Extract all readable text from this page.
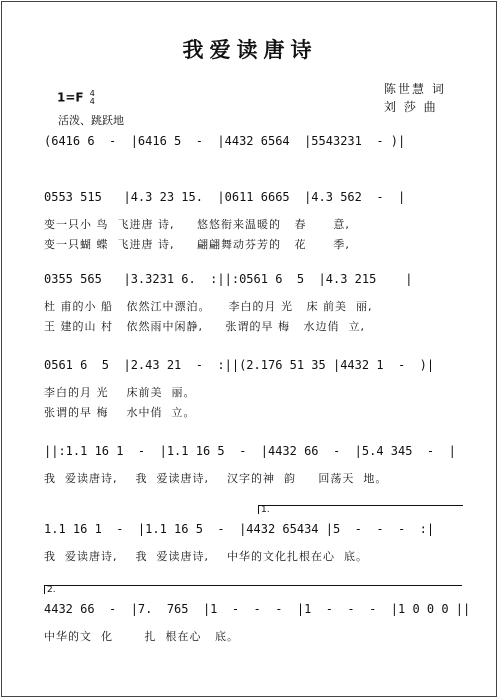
我爱读唐诗
陈世慧 词
刘 莎 曲
1=F 4
4
活泼、跳跃地
(6416 6  -  |6416 5  -  |4432 6564  |5543231  - )|
0553 515   |4.3 23 15.  |0611 6665  |4.3 562  -  |
变一只小 鸟  飞进唐 诗,     悠悠衔来温暖的   春      意,
变一只蝴 蝶  飞进唐 诗,     翩翩舞动芬芳的   花      季,
0355 565   |3.3231 6.  :||:0561 6  5  |4.3 215    |
杜 甫的小 船   依然江中漂泊。    李白的月 光   床 前美  丽,
王 建的山 村   依然雨中闲静,     张谓的早 梅   水边俏  立,
0561 6  5  |2.43 21  -  :||(2.176 51 35 |4432 1  -  )|
李白的月 光    床前美  丽。
张谓的早 梅    水中俏  立。
||:1.1 16 1  -  |1.1 16 5  -  |4432 66  -  |5.4 345  -  |
我  爱读唐诗,    我  爱读唐诗,    汉字的神  韵     回荡天  地。
1.
1.1 16 1  -  |1.1 16 5  -  |4432 65434 |5  -  -  -  :|
我  爱读唐诗,    我  爱读唐诗,    中华的文化扎根在心  底。
2.
4432 66  -  |7.  765  |1  -  -  -  |1  -  -  -  |1 0 0 0 ||
中华的文  化       扎  根在心   底。
